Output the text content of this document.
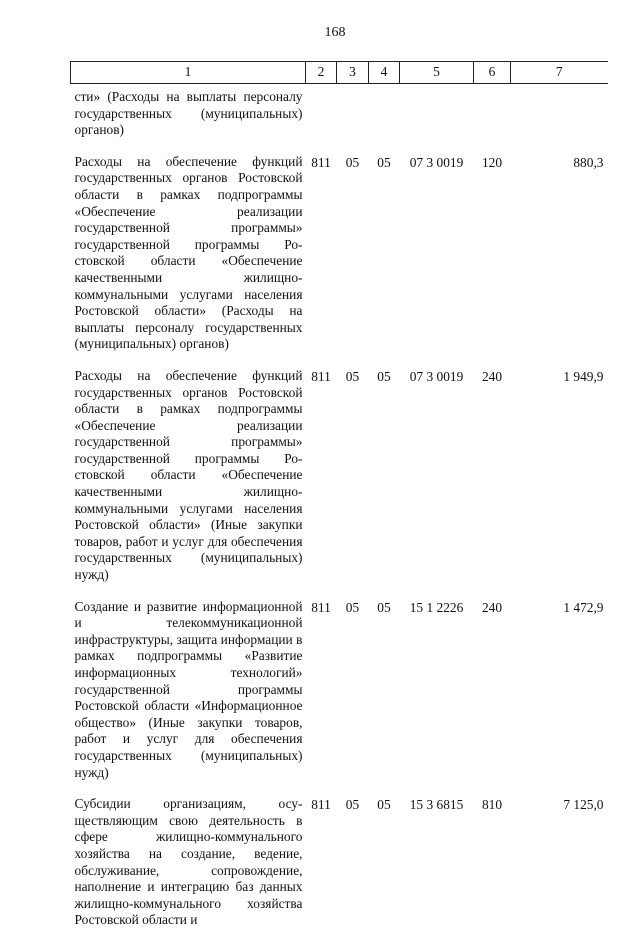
168
1	2	3	4	5	6	7
сти» (Расходы на выплаты персоналу государственных (муниципальных) органов)						
Расходы на обеспечение функций государственных органов Ростовской области в рамках подпрограммы «Обеспечение реализации государственной программы» государственной программы Ростовской области «Обеспечение качественными жилищно-коммунальными услугами населения Ростовской области» (Расходы на выплаты персоналу государственных (муниципальных) органов)	811	05	05	07 3 0019	120	880,3
Расходы на обеспечение функций государственных органов Ростовской области в рамках подпрограммы «Обеспечение реализации государственной программы» государственной программы Ростовской области «Обеспечение качественными жилищно-коммунальными услугами населения Ростовской области» (Иные закупки товаров, работ и услуг для обеспечения государственных (муниципальных) нужд)	811	05	05	07 3 0019	240	1 949,9
Создание и развитие информационной и телекоммуникационной инфраструктуры, защита информации в рамках подпрограммы «Развитие информационных технологий» государственной программы Ростовской области «Информационное общество» (Иные закупки товаров, работ и услуг для обеспечения государственных (муниципальных) нужд)	811	05	05	15 1 2226	240	1 472,9
Субсидии организациям, осуществляющим свою деятельность в сфере жилищно-коммунального хозяйства на создание, ведение, обслуживание, сопровождение, наполнение и интеграцию баз данных жилищно-коммунального хозяйства Ростовской области и	811	05	05	15 3 6815	810	7 125,0
